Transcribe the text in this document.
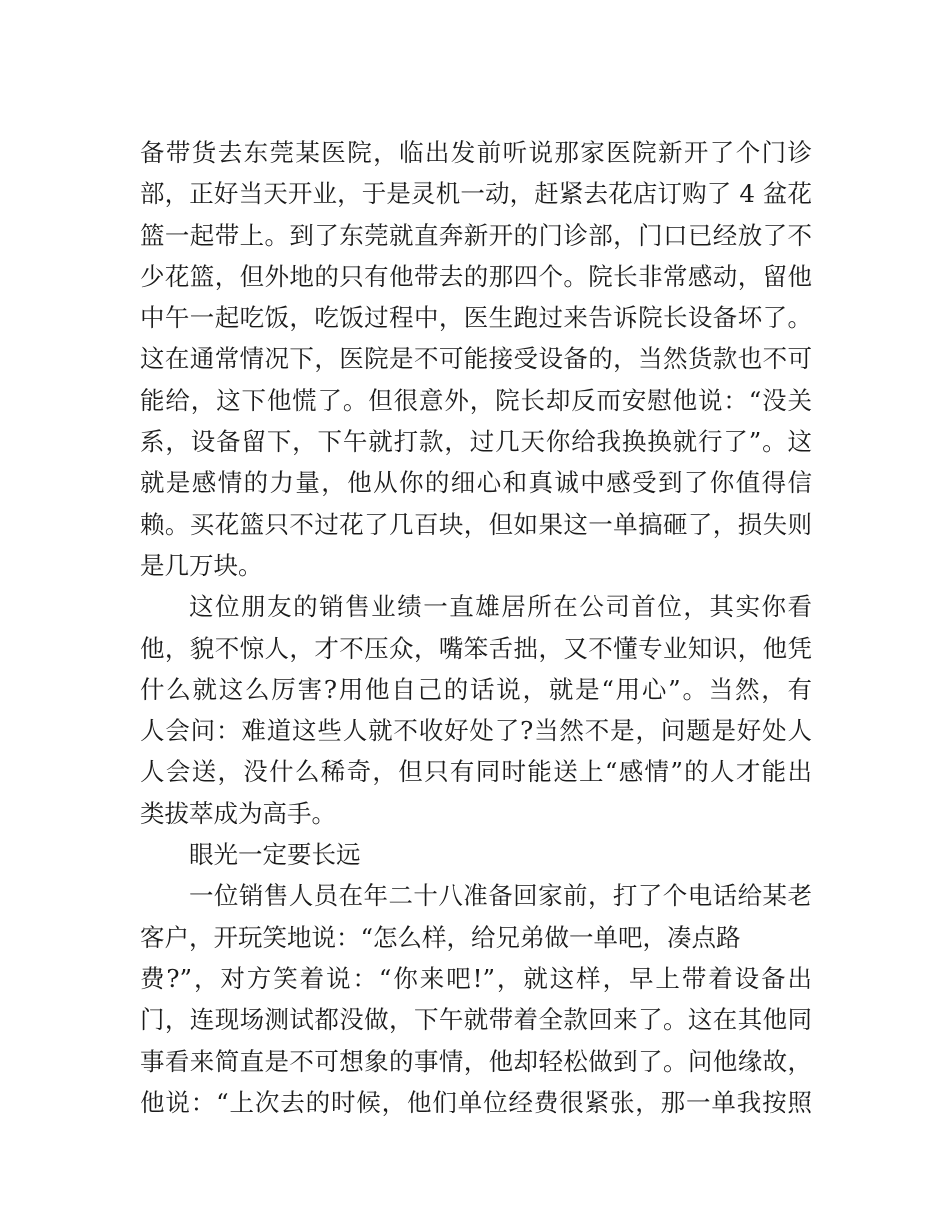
备带货去东莞某医院，临出发前听说那家医院新开了个门诊
部，正好当天开业，于是灵机一动，赶紧去花店订购了 4 盆花
篮一起带上。到了东莞就直奔新开的门诊部，门口已经放了不
少花篮，但外地的只有他带去的那四个。院长非常感动，留他
中午一起吃饭，吃饭过程中，医生跑过来告诉院长设备坏了。
这在通常情况下，医院是不可能接受设备的，当然货款也不可
能给，这下他慌了。但很意外，院长却反而安慰他说：“没关
系，设备留下，下午就打款，过几天你给我换换就行了”。这
就是感情的力量，他从你的细心和真诚中感受到了你值得信
赖。买花篮只不过花了几百块，但如果这一单搞砸了，损失则
是几万块。
这位朋友的销售业绩一直雄居所在公司首位，其实你看
他，貌不惊人，才不压众，嘴笨舌拙，又不懂专业知识，他凭
什么就这么厉害?用他自己的话说，就是“用心”。当然，有
人会问：难道这些人就不收好处了?当然不是，问题是好处人
人会送，没什么稀奇，但只有同时能送上“感情”的人才能出
类拔萃成为高手。
眼光一定要长远
一位销售人员在年二十八准备回家前，打了个电话给某老
客户，开玩笑地说：“怎么样，给兄弟做一单吧，凑点路
费?”，对方笑着说：“你来吧!”，就这样，早上带着设备出
门，连现场测试都没做，下午就带着全款回来了。这在其他同
事看来简直是不可想象的事情，他却轻松做到了。问他缘故，
他说：“上次去的时候，他们单位经费很紧张，那一单我按照
